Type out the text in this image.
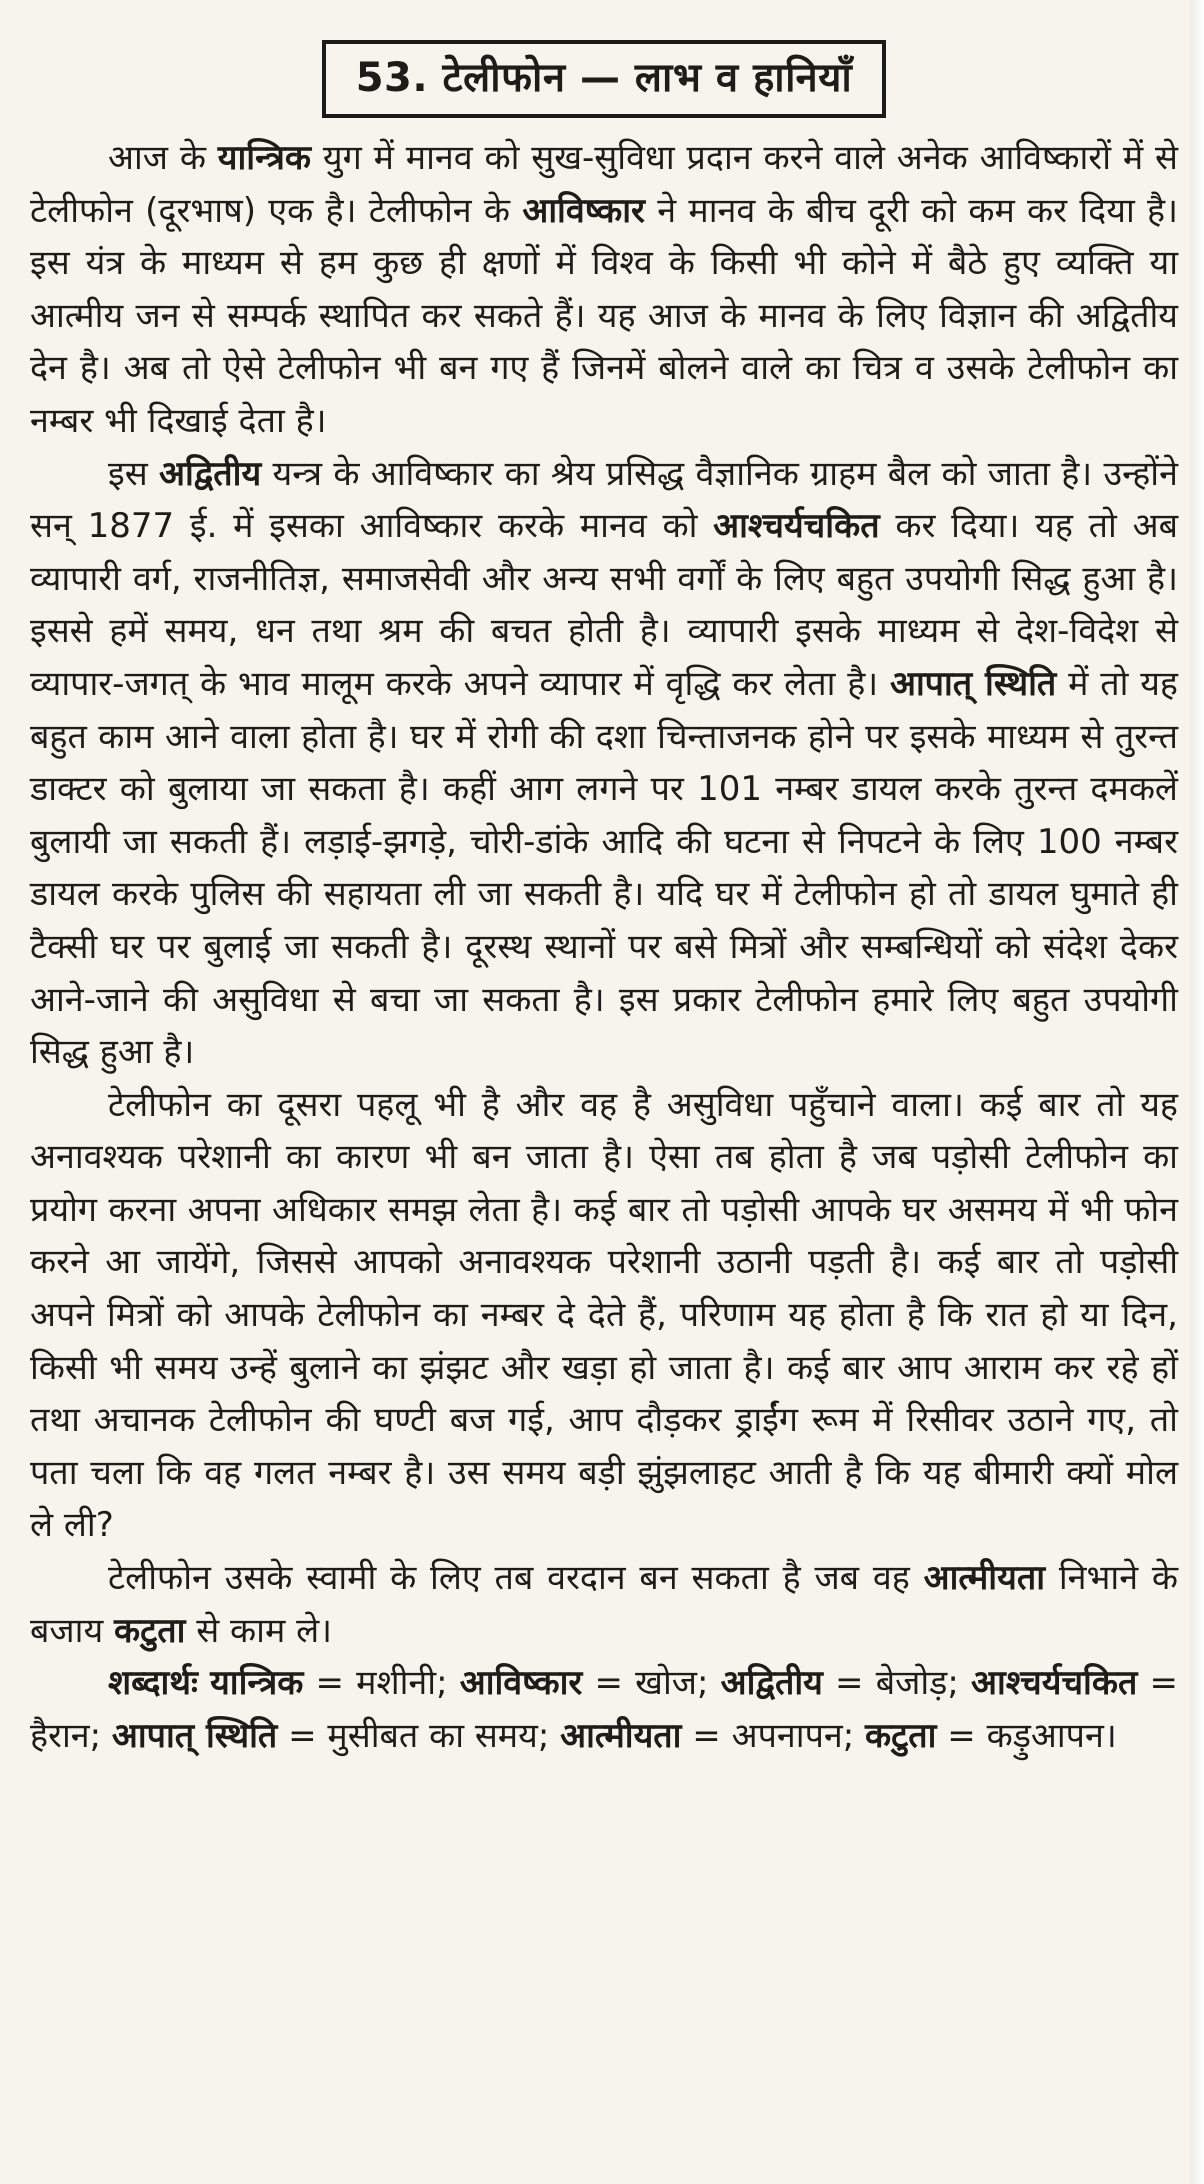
53. टेलीफोन — लाभ व हानियाँ

आज के यान्त्रिक युग में मानव को सुख-सुविधा प्रदान करने वाले अनेक आविष्कारों में से टेलीफोन (दूरभाष) एक है। टेलीफोन के आविष्कार ने मानव के बीच दूरी को कम कर दिया है। इस यंत्र के माध्यम से हम कुछ ही क्षणों में विश्व के किसी भी कोने में बैठे हुए व्यक्ति या आत्मीय जन से सम्पर्क स्थापित कर सकते हैं। यह आज के मानव के लिए विज्ञान की अद्वितीय देन है। अब तो ऐसे टेलीफोन भी बन गए हैं जिनमें बोलने वाले का चित्र व उसके टेलीफोन का नम्बर भी दिखाई देता है।

इस अद्वितीय यन्त्र के आविष्कार का श्रेय प्रसिद्ध वैज्ञानिक ग्राहम बैल को जाता है। उन्होंने सन् 1877 ई. में इसका आविष्कार करके मानव को आश्चर्यचकित कर दिया। यह तो अब व्यापारी वर्ग, राजनीतिज्ञ, समाजसेवी और अन्य सभी वर्गों के लिए बहुत उपयोगी सिद्ध हुआ है। इससे हमें समय, धन तथा श्रम की बचत होती है। व्यापारी इसके माध्यम से देश-विदेश से व्यापार-जगत् के भाव मालूम करके अपने व्यापार में वृद्धि कर लेता है। आपात् स्थिति में तो यह बहुत काम आने वाला होता है। घर में रोगी की दशा चिन्ताजनक होने पर इसके माध्यम से तुरन्त डाक्टर को बुलाया जा सकता है। कहीं आग लगने पर 101 नम्बर डायल करके तुरन्त दमकलें बुलायी जा सकती हैं। लड़ाई-झगड़े, चोरी-डांके आदि की घटना से निपटने के लिए 100 नम्बर डायल करके पुलिस की सहायता ली जा सकती है। यदि घर में टेलीफोन हो तो डायल घुमाते ही टैक्सी घर पर बुलाई जा सकती है। दूरस्थ स्थानों पर बसे मित्रों और सम्बन्धियों को संदेश देकर आने-जाने की असुविधा से बचा जा सकता है। इस प्रकार टेलीफोन हमारे लिए बहुत उपयोगी सिद्ध हुआ है।

टेलीफोन का दूसरा पहलू भी है और वह है असुविधा पहुँचाने वाला। कई बार तो यह अनावश्यक परेशानी का कारण भी बन जाता है। ऐसा तब होता है जब पड़ोसी टेलीफोन का प्रयोग करना अपना अधिकार समझ लेता है। कई बार तो पड़ोसी आपके घर असमय में भी फोन करने आ जायेंगे, जिससे आपको अनावश्यक परेशानी उठानी पड़ती है। कई बार तो पड़ोसी अपने मित्रों को आपके टेलीफोन का नम्बर दे देते हैं, परिणाम यह होता है कि रात हो या दिन, किसी भी समय उन्हें बुलाने का झंझट और खड़ा हो जाता है। कई बार आप आराम कर रहे हों तथा अचानक टेलीफोन की घण्टी बज गई, आप दौड़कर ड्राईंग रूम में रिसीवर उठाने गए, तो पता चला कि वह गलत नम्बर है। उस समय बड़ी झुंझलाहट आती है कि यह बीमारी क्यों मोल ले ली?

टेलीफोन उसके स्वामी के लिए तब वरदान बन सकता है जब वह आत्मीयता निभाने के बजाय कटुता से काम ले।

शब्दार्थः यान्त्रिक = मशीनी; आविष्कार = खोज; अद्वितीय = बेजोड़; आश्चर्यचकित = हैरान; आपात् स्थिति = मुसीबत का समय; आत्मीयता = अपनापन; कटुता = कड़ुआपन।
